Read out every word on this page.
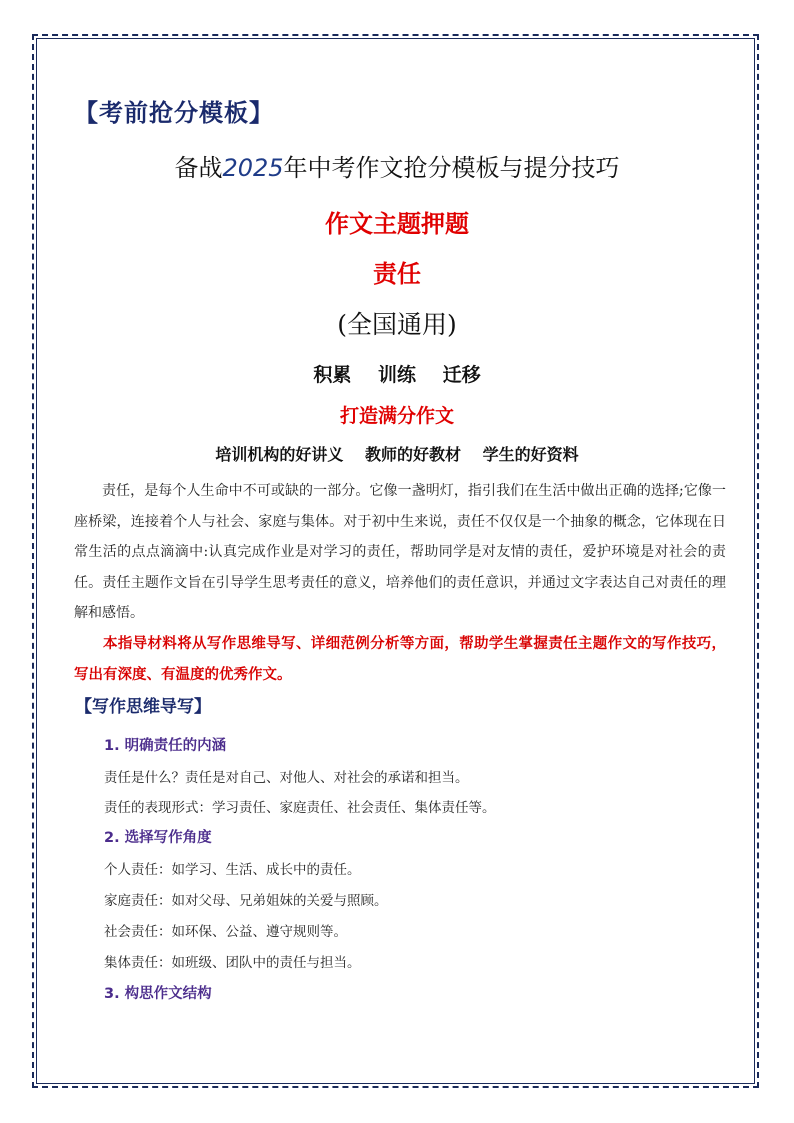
【考前抢分模板】
备战2025年中考作文抢分模板与提分技巧
作文主题押题
责任
(全国通用)
积累 训练 迁移
打造满分作文
培训机构的好讲义 教师的好教材 学生的好资料

责任，是每个人生命中不可或缺的一部分。它像一盏明灯，指引我们在生活中做出正确的选择;它像一座桥梁，连接着个人与社会、家庭与集体。对于初中生来说，责任不仅仅是一个抽象的概念，它体现在日常生活的点点滴滴中:认真完成作业是对学习的责任，帮助同学是对友情的责任，爱护环境是对社会的责任。责任主题作文旨在引导学生思考责任的意义，培养他们的责任意识，并通过文字表达自己对责任的理解和感悟。

本指导材料将从写作思维导写、详细范例分析等方面，帮助学生掌握责任主题作文的写作技巧，写出有深度、有温度的优秀作文。

【写作思维导写】
1. 明确责任的内涵
责任是什么？责任是对自己、对他人、对社会的承诺和担当。
责任的表现形式：学习责任、家庭责任、社会责任、集体责任等。
2. 选择写作角度
个人责任：如学习、生活、成长中的责任。
家庭责任：如对父母、兄弟姐妹的关爱与照顾。
社会责任：如环保、公益、遵守规则等。
集体责任：如班级、团队中的责任与担当。
3. 构思作文结构
